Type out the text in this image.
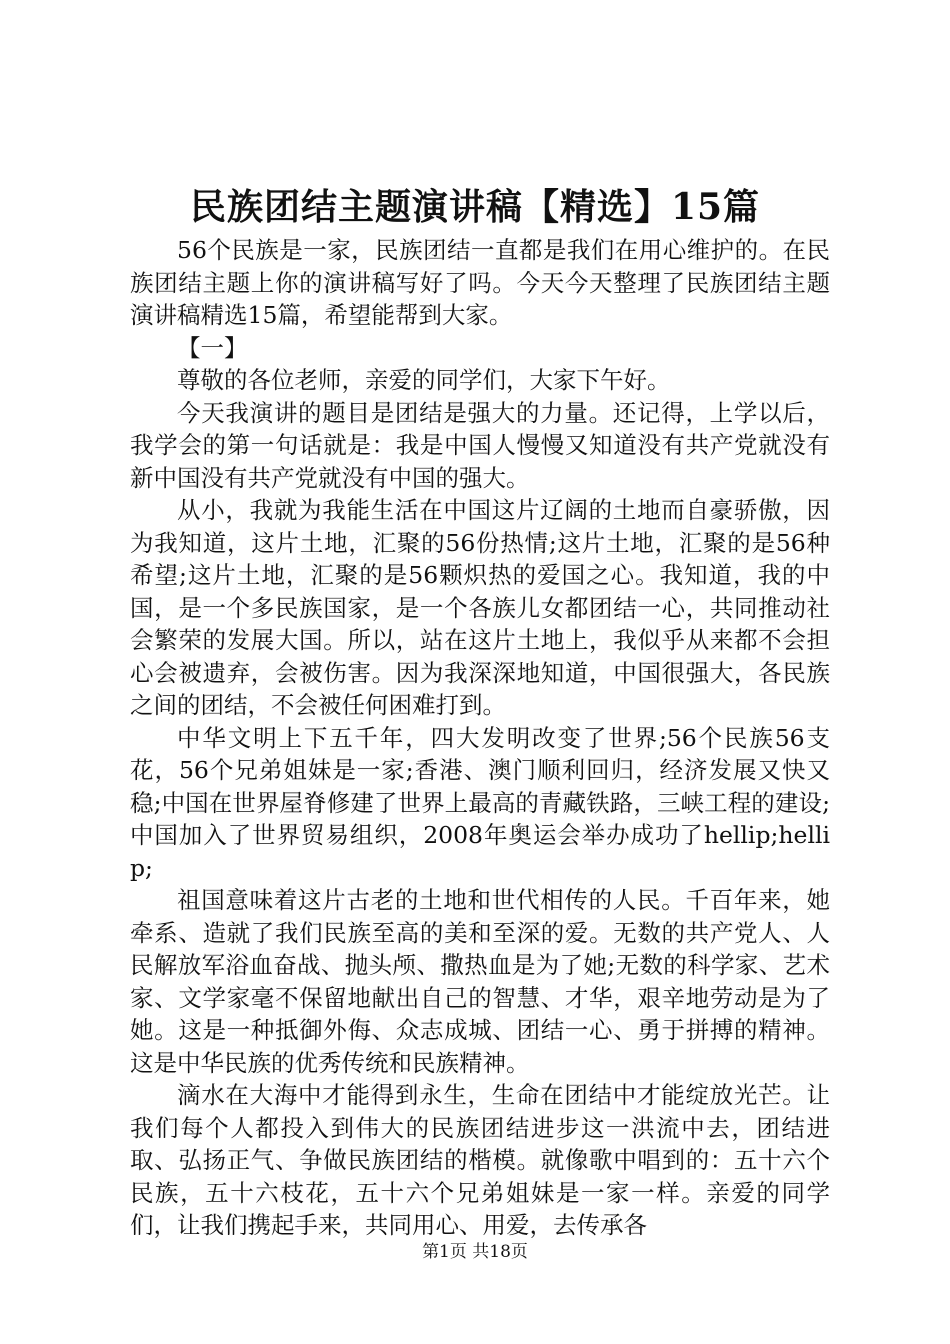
民族团结主题演讲稿【精选】15篇

56个民族是一家，民族团结一直都是我们在用心维护的。在民族团结主题上你的演讲稿写好了吗。今天今天整理了民族团结主题演讲稿精选15篇，希望能帮到大家。

【一】

尊敬的各位老师，亲爱的同学们，大家下午好。

今天我演讲的题目是团结是强大的力量。还记得，上学以后，我学会的第一句话就是：我是中国人慢慢又知道没有共产党就没有新中国没有共产党就没有中国的强大。

从小，我就为我能生活在中国这片辽阔的土地而自豪骄傲，因为我知道，这片土地，汇聚的56份热情;这片土地，汇聚的是56种希望;这片土地，汇聚的是56颗炽热的爱国之心。我知道，我的中国，是一个多民族国家，是一个各族儿女都团结一心，共同推动社会繁荣的发展大国。所以，站在这片土地上，我似乎从来都不会担心会被遗弃，会被伤害。因为我深深地知道，中国很强大，各民族之间的团结，不会被任何困难打到。

中华文明上下五千年，四大发明改变了世界;56个民族56支花，56个兄弟姐妹是一家;香港、澳门顺利回归，经济发展又快又稳;中国在世界屋脊修建了世界上最高的青藏铁路，三峡工程的建设;中国加入了世界贸易组织，2008年奥运会举办成功了hellip;hellip;

祖国意味着这片古老的土地和世代相传的人民。千百年来，她牵系、造就了我们民族至高的美和至深的爱。无数的共产党人、人民解放军浴血奋战、抛头颅、撒热血是为了她;无数的科学家、艺术家、文学家毫不保留地献出自己的智慧、才华，艰辛地劳动是为了她。这是一种抵御外侮、众志成城、团结一心、勇于拼搏的精神。这是中华民族的优秀传统和民族精神。

滴水在大海中才能得到永生，生命在团结中才能绽放光芒。让我们每个人都投入到伟大的民族团结进步这一洪流中去，团结进取、弘扬正气、争做民族团结的楷模。就像歌中唱到的：五十六个民族，五十六枝花，五十六个兄弟姐妹是一家一样。亲爱的同学们，让我们携起手来，共同用心、用爱，去传承各

第1页 共18页
